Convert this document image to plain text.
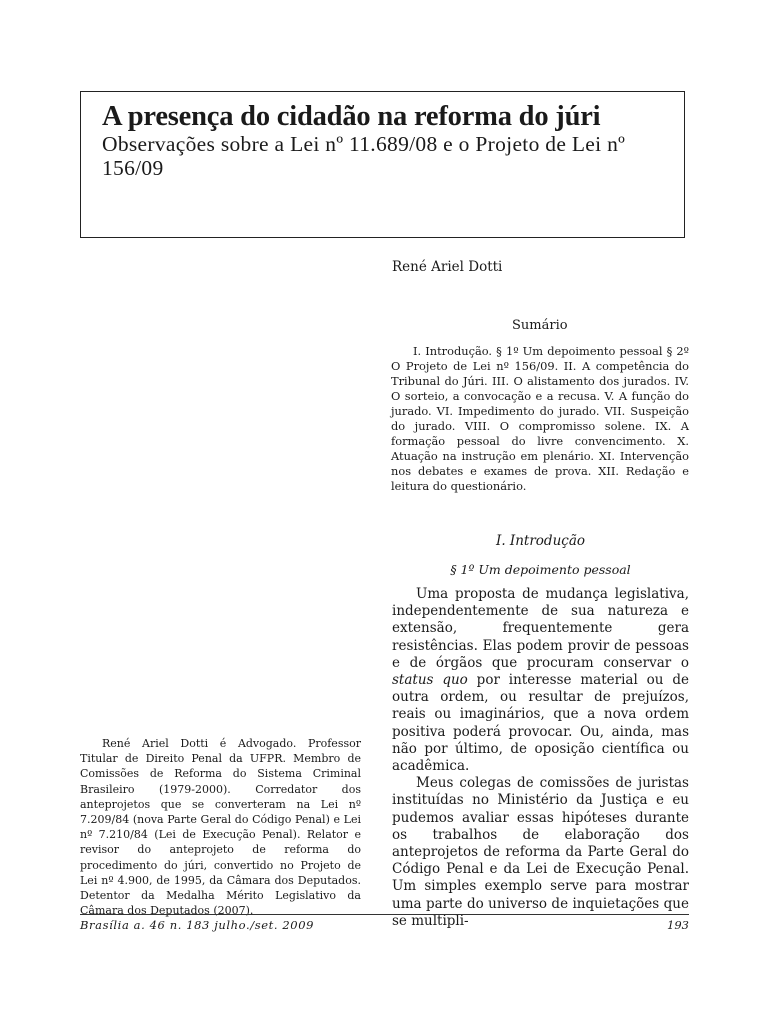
A presença do cidadão na reforma do júri

Observações sobre a Lei nº 11.689/08 e o Projeto de Lei nº 156/09

René Ariel Dotti
Sumário

I. Introdução. § 1º Um depoimento pessoal § 2º O Projeto de Lei nº 156/09. II. A competência do Tribunal do Júri. III. O alistamento dos jurados. IV. O sorteio, a convocação e a recusa. V. A função do jurado. VI. Impedimento do jurado. VII. Suspeição do jurado. VIII. O compromisso solene. IX. A formação pessoal do livre convencimento. X. Atuação na instrução em plenário. XI. Intervenção nos debates e exames de prova. XII. Redação e leitura do questionário.

I. Introdução
§ 1º Um depoimento pessoal

Uma proposta de mudança legislativa, independentemente de sua natureza e extensão, frequentemente gera resistências. Elas podem provir de pessoas e de órgãos que procuram conservar o status quo por interesse material ou de outra ordem, ou resultar de prejuízos, reais ou imaginários, que a nova ordem positiva poderá provocar. Ou, ainda, mas não por último, de oposição científica ou acadêmica.

Meus colegas de comissões de juristas instituídas no Ministério da Justiça e eu pudemos avaliar essas hipóteses durante os trabalhos de elaboração dos anteprojetos de reforma da Parte Geral do Código Penal e da Lei de Execução Penal. Um simples exemplo serve para mostrar uma parte do universo de inquietações que se multipli-

René Ariel Dotti é Advogado. Professor Titular de Direito Penal da UFPR. Membro de Comissões de Reforma do Sistema Criminal Brasileiro (1979-2000). Corredator dos anteprojetos que se converteram na Lei nº 7.209/84 (nova Parte Geral do Código Penal) e Lei nº 7.210/84 (Lei de Execução Penal). Relator e revisor do anteprojeto de reforma do procedimento do júri, convertido no Projeto de Lei nº 4.900, de 1995, da Câmara dos Deputados. Detentor da Medalha Mérito Legislativo da Câmara dos Deputados (2007).

Brasília a. 46 n. 183 julho./set. 2009	193
